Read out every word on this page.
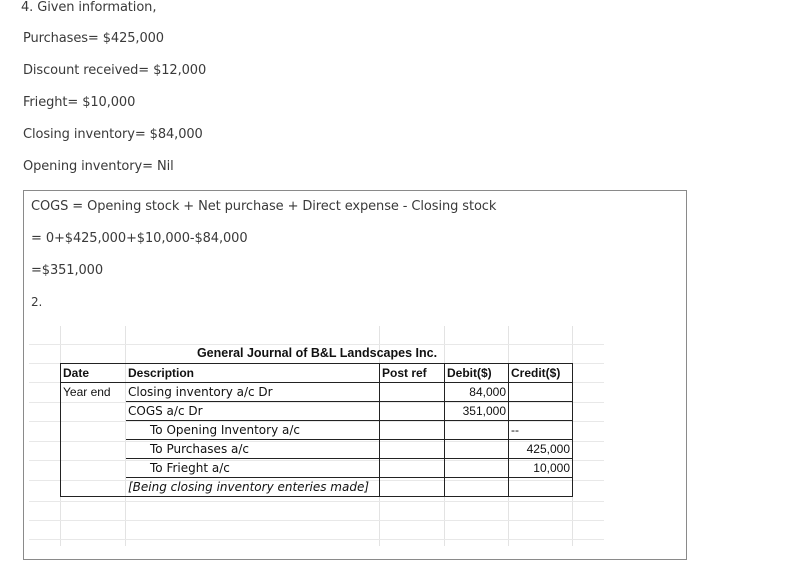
4. Given information,
Purchases= $425,000
Discount received= $12,000
Frieght= $10,000
Closing inventory= $84,000
Opening inventory= Nil
COGS = Opening stock + Net purchase + Direct expense - Closing stock
= 0+$425,000+$10,000-$84,000
=$351,000
2.
	General Journal of B&L Landscapes Inc.			
Date	Description	Post ref	Debit($)	Credit($)
Year end	Closing inventory a/c Dr		84,000	
	COGS a/c Dr		351,000	
	To Opening Inventory a/c			--
	To Purchases a/c			425,000
	To Frieght a/c			10,000
	[Being closing inventory enteries made]			
